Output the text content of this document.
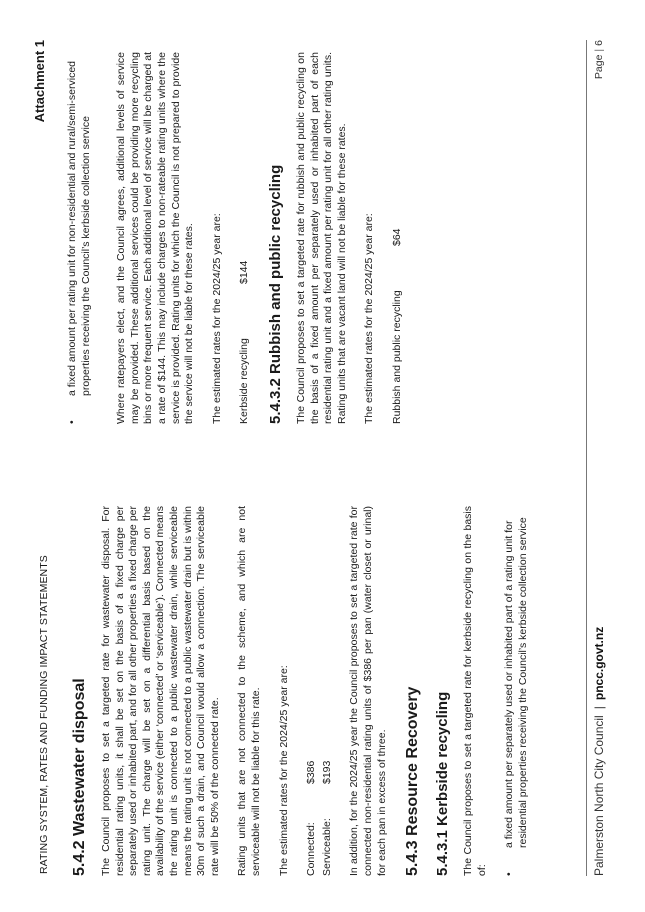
RATING SYSTEM, RATES AND FUNDING IMPACT STATEMENTS
Attachment 1
5.4.2 Wastewater disposal The Council proposes to set a targeted rate for wastewater disposal. For residential rating units, it shall be set on the basis of a fixed charge per separately used or inhabited part, and for all other properties a fixed charge per rating unit. The charge will be set on a differential basis based on the availability of the service (either ‘connected’ or ‘serviceable’). Connected means the rating unit is connected to a public wastewater drain, while serviceable means the rating unit is not connected to a public wastewater drain but is within 30m of such a drain, and Council would allow a connection. The serviceable rate will be 50% of the connected rate. Rating units that are not connected to the scheme, and which are not serviceable will not be liable for this rate. The estimated rates for the 2024/25 year are: Connected:
$386
Serviceable:
$193 In addition, for the 2024/25 year the Council proposes to set a targeted rate for connected non-residential rating units of $386 per pan (water closet or urinal) for each pan in excess of three. 5.4.3 Resource Recovery 5.4.3.1 Kerbside recycling The Council proposes to set a targeted rate for kerbside recycling on the basis of: •
a fixed amount per separately used or inhabited part of a rating unit for residential properties receiving the Council’s kerbside collection service
•
a fixed amount per rating unit for non-residential and rural/semi-serviced properties receiving the Council’s kerbside collection service Where ratepayers elect, and the Council agrees, additional levels of service may be provided. These additional services could be providing more recycling bins or more frequent service. Each additional level of service will be charged at a rate of $144. This may include charges to non-rateable rating units where the service is provided. Rating units for which the Council is not prepared to provide the service will not be liable for these rates. The estimated rates for the 2024/25 year are: Kerbside recycling
$144 5.4.3.2 Rubbish and public recycling The Council proposes to set a targeted rate for rubbish and public recycling on the basis of a fixed amount per separately used or inhabited part of each residential rating unit and a fixed amount per rating unit for all other rating units. Rating units that are vacant land will not be liable for these rates. The estimated rates for the 2024/25 year are: Rubbish and public recycling
$64
Palmerston North City Council|pncc.govt.nz
Page|6
